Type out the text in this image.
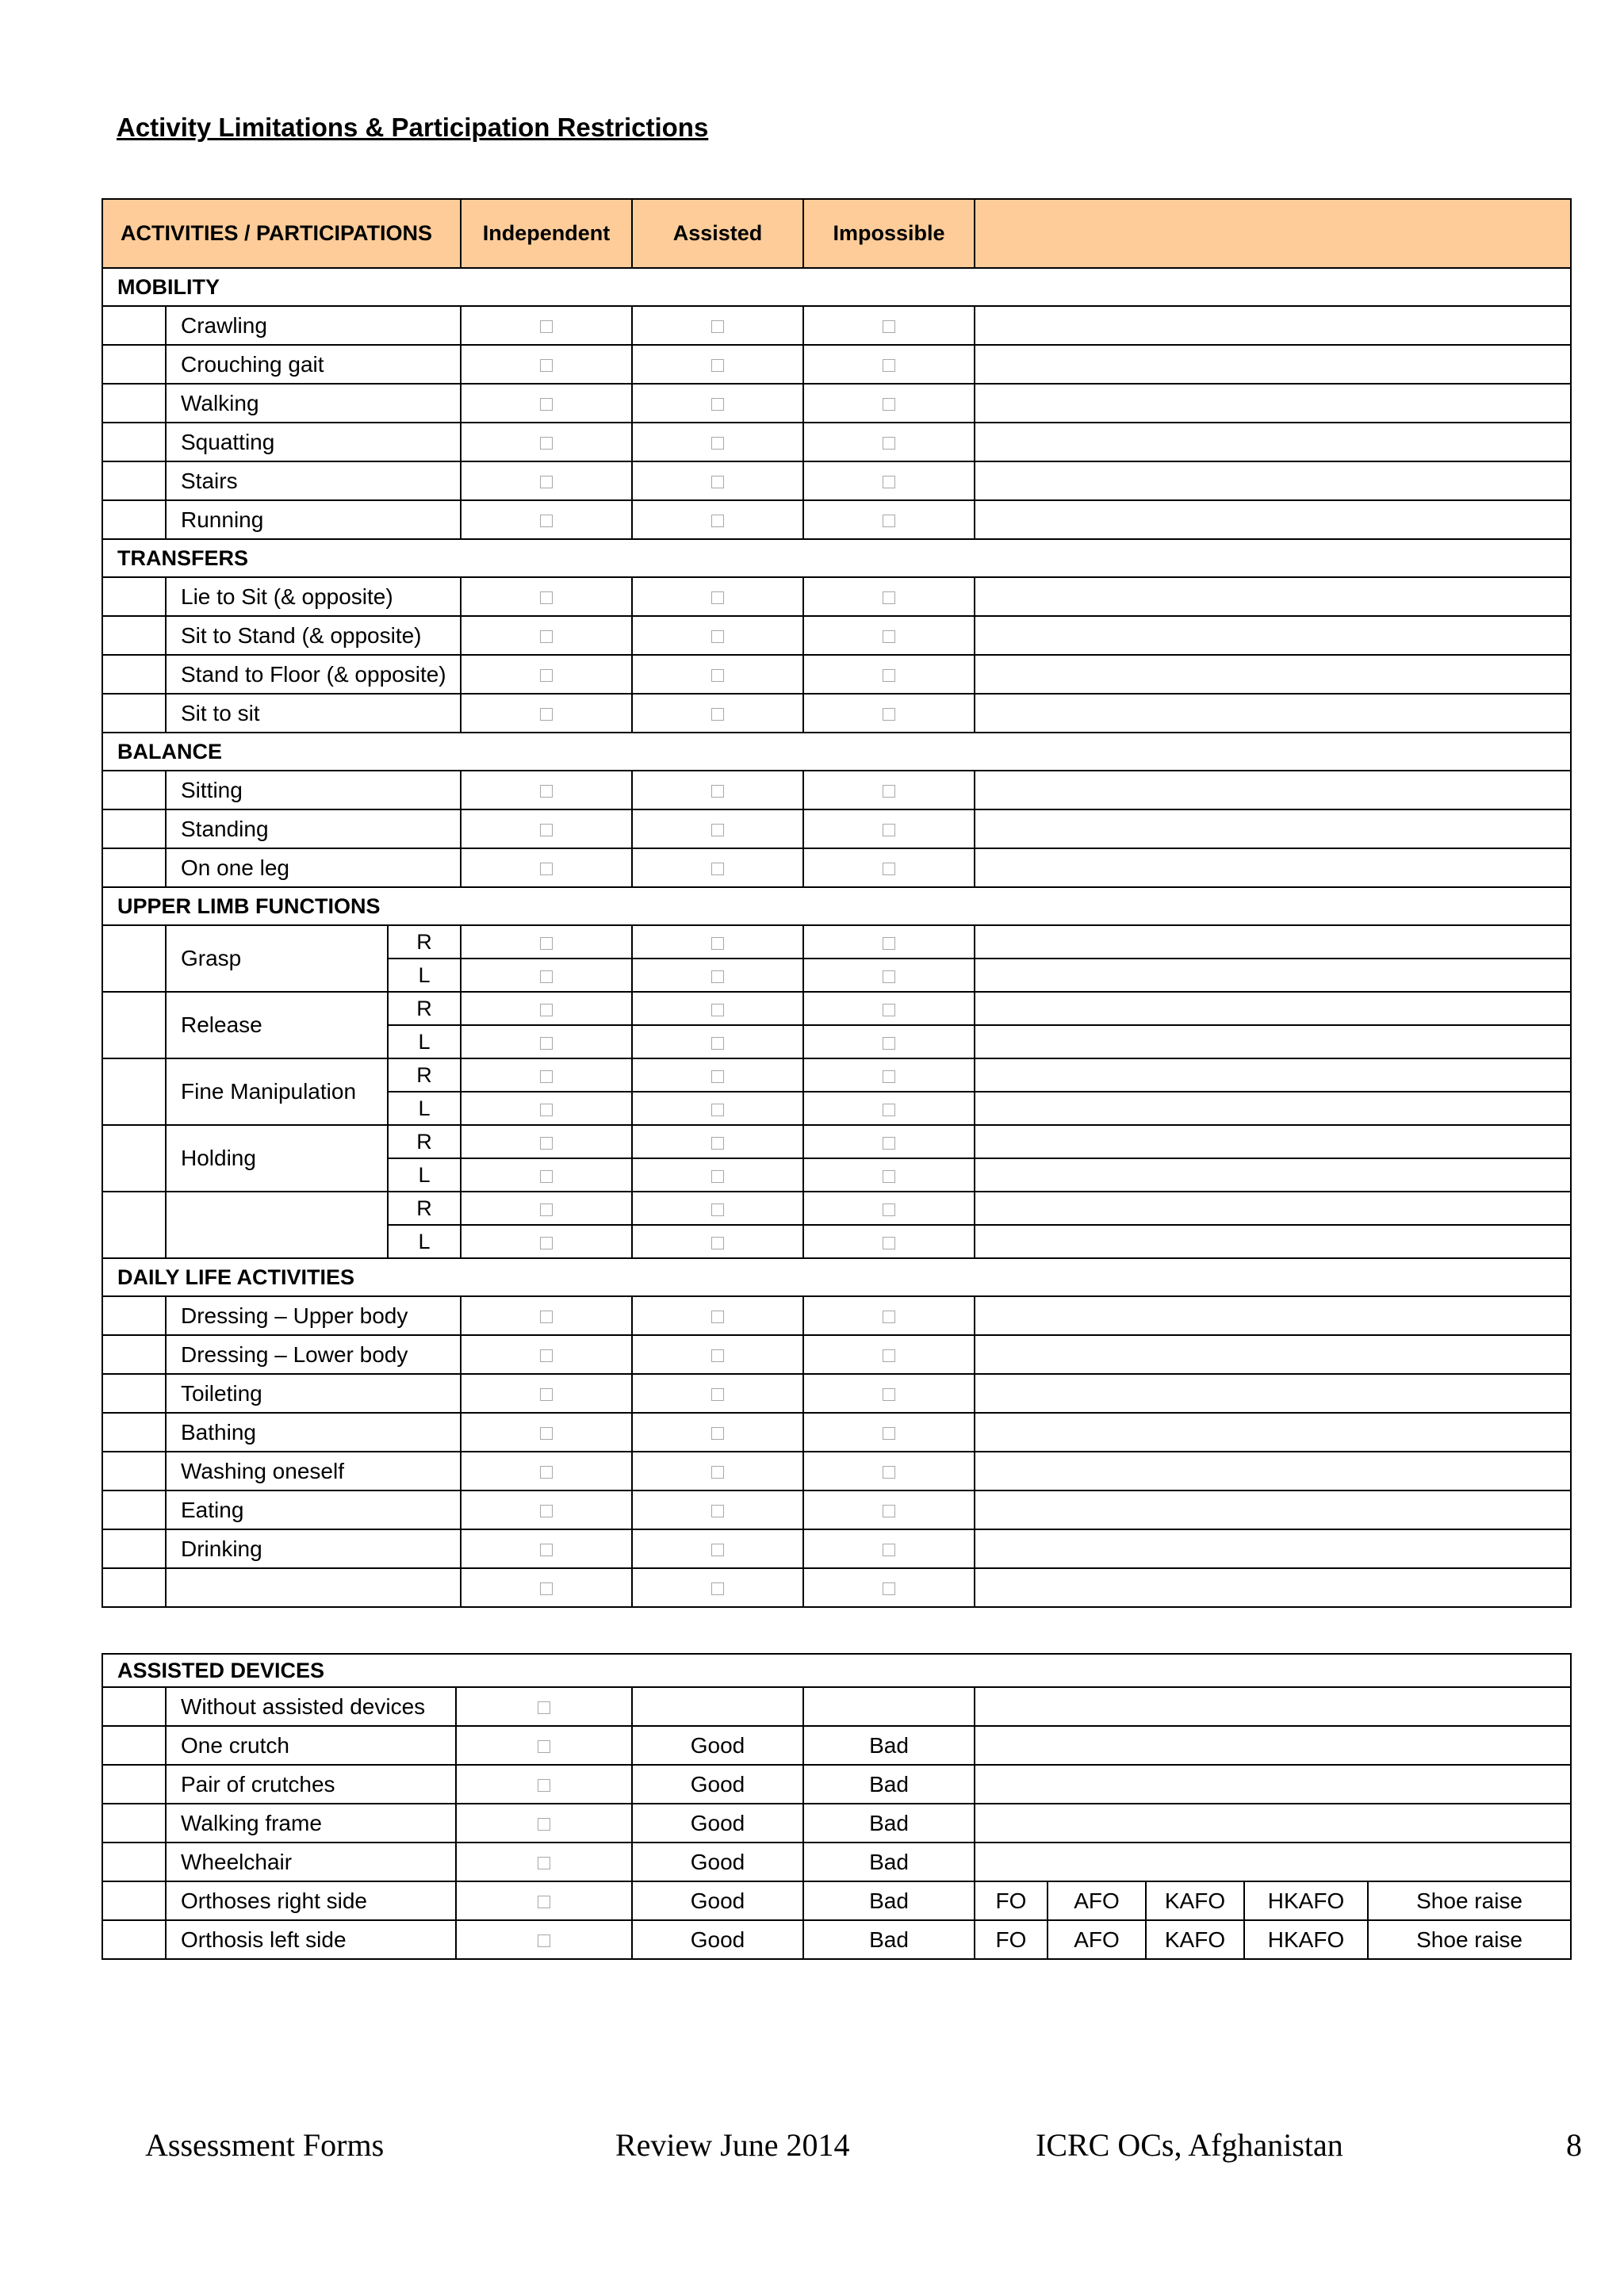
Activity Limitations & Participation Restrictions
ACTIVITIES / PARTICIPATIONS			Independent	Assisted	Impossible	
MOBILITY						
	Crawling					
	Crouching gait					
	Walking					
	Squatting					
	Stairs					
	Running					
TRANSFERS						
	Lie to Sit (& opposite)					
	Sit to Stand (& opposite)					
	Stand to Floor (& opposite)					
	Sit to sit					
BALANCE						
	Sitting					
	Standing					
	On one leg					
UPPER LIMB FUNCTIONS						
	Grasp	R				
		L				
	Release	R				
		L				
	Fine Manipulation	R				
		L				
	Holding	R				
		L				
		R				
		L				
DAILY LIFE ACTIVITIES						
	Dressing – Upper body					
	Dressing – Lower body					
	Toileting					
	Bathing					
	Washing oneself					
	Eating					
	Drinking					

ASSISTED DEVICES									
	Without assisted devices								
	One crutch		Good	Bad					
	Pair of crutches		Good	Bad					
	Walking frame		Good	Bad					
	Wheelchair		Good	Bad					
	Orthoses right side		Good	Bad	FO	AFO	KAFO	HKAFO	Shoe raise
	Orthosis left side		Good	Bad	FO	AFO	KAFO	HKAFO	Shoe raise
Assessment Forms	Review June 2014	ICRC OCs, Afghanistan	8
